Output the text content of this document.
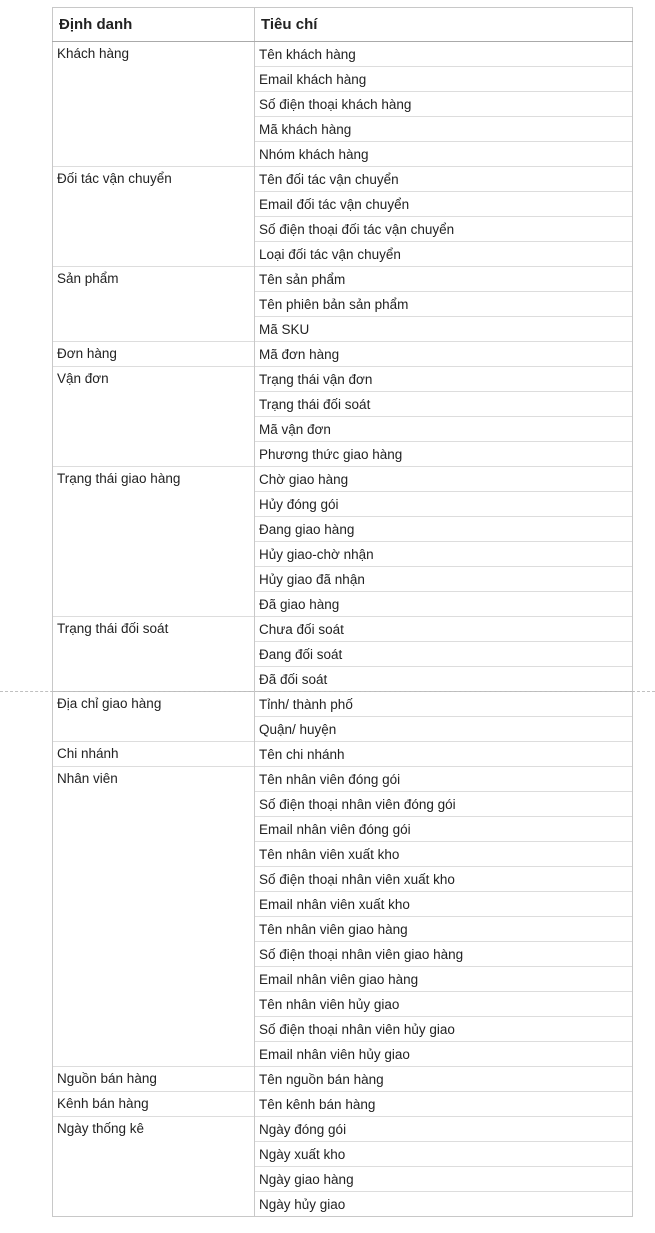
Định danh	Tiêu chí
Khách hàng	Tên khách hàng
	Email khách hàng
	Số điện thoại khách hàng
	Mã khách hàng
	Nhóm khách hàng
Đối tác vận chuyển	Tên đối tác vận chuyển
	Email đối tác vận chuyển
	Số điện thoại đối tác vận chuyển
	Loại đối tác vận chuyển
Sản phẩm	Tên sản phẩm
	Tên phiên bản sản phẩm
	Mã SKU
Đơn hàng	Mã đơn hàng
Vận đơn	Trạng thái vận đơn
	Trạng thái đối soát
	Mã vận đơn
	Phương thức giao hàng
Trạng thái giao hàng	Chờ giao hàng
	Hủy đóng gói
	Đang giao hàng
	Hủy giao-chờ nhận
	Hủy giao đã nhận
	Đã giao hàng
Trạng thái đối soát	Chưa đối soát
	Đang đối soát
	Đã đối soát
Địa chỉ giao hàng	Tỉnh/ thành phố
	Quận/ huyện
Chi nhánh	Tên chi nhánh
Nhân viên	Tên nhân viên đóng gói
	Số điện thoại nhân viên đóng gói
	Email nhân viên đóng gói
	Tên nhân viên xuất kho
	Số điện thoại nhân viên xuất kho
	Email nhân viên xuất kho
	Tên nhân viên giao hàng
	Số điện thoại nhân viên giao hàng
	Email nhân viên giao hàng
	Tên nhân viên hủy giao
	Số điện thoại nhân viên hủy giao
	Email nhân viên hủy giao
Nguồn bán hàng	Tên nguồn bán hàng
Kênh bán hàng	Tên kênh bán hàng
Ngày thống kê	Ngày đóng gói
	Ngày xuất kho
	Ngày giao hàng
	Ngày hủy giao
